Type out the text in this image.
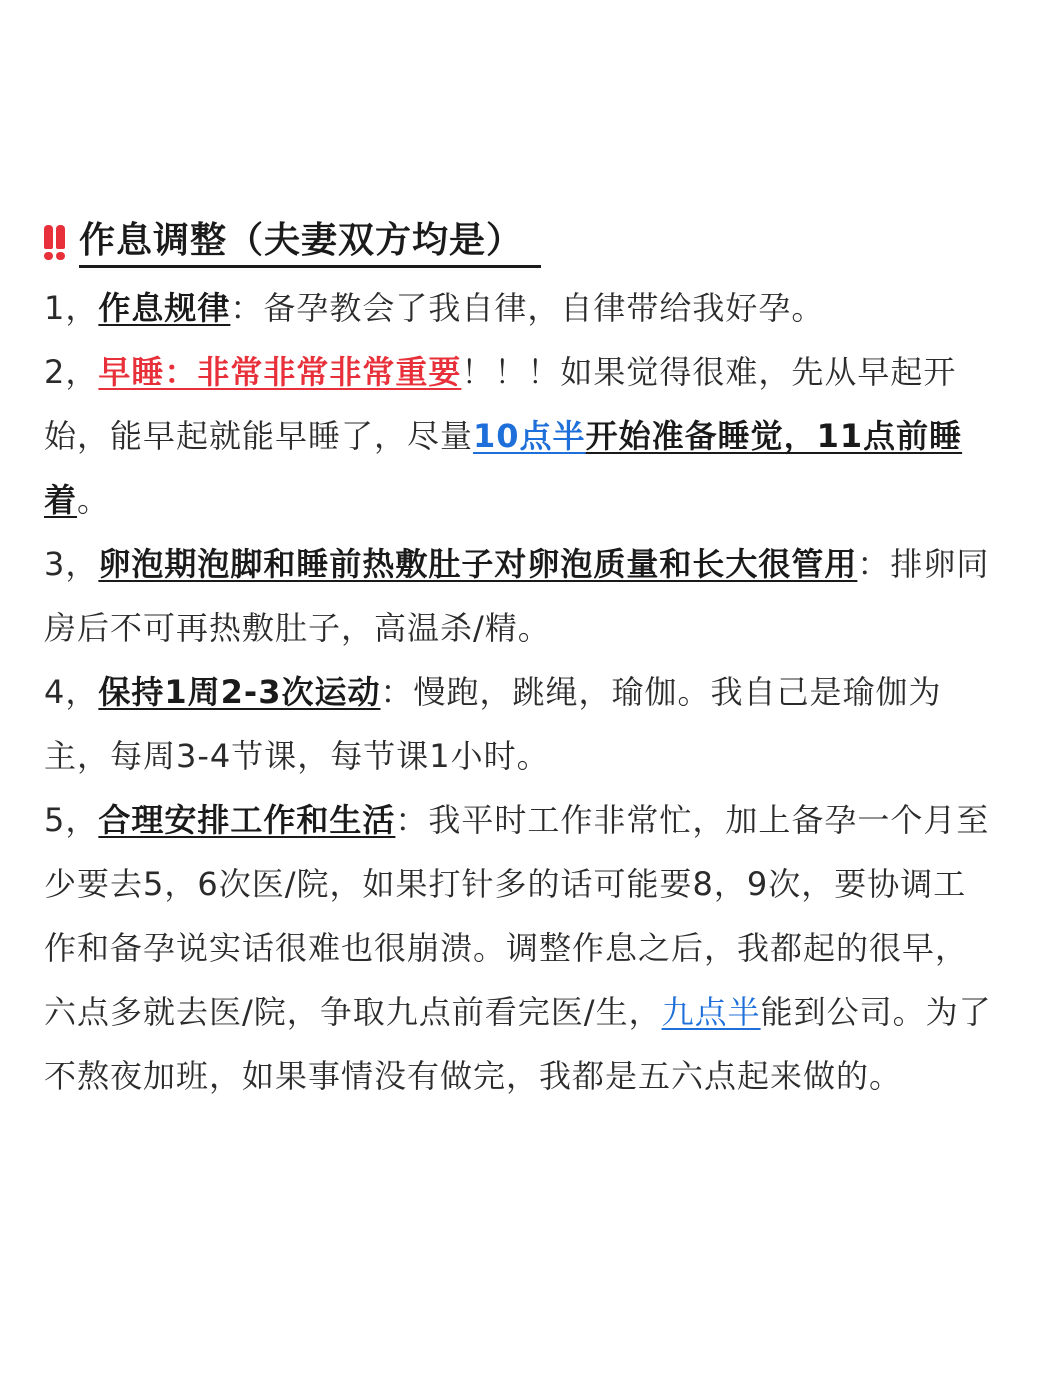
作息调整（夫妻双方均是）

1，作息规律：备孕教会了我自律，自律带给我好孕。

2，早睡：非常非常非常重要！！！如果觉得很难，先从早起开始，能早起就能早睡了，尽量10点半开始准备睡觉，11点前睡着。

3，卵泡期泡脚和睡前热敷肚子对卵泡质量和长大很管用：排卵同房后不可再热敷肚子，高温杀/精。

4，保持1周2-3次运动：慢跑，跳绳，瑜伽。我自己是瑜伽为主，每周3-4节课，每节课1小时。

5，合理安排工作和生活：我平时工作非常忙，加上备孕一个月至少要去5，6次医/院，如果打针多的话可能要8，9次，要协调工作和备孕说实话很难也很崩溃。调整作息之后，我都起的很早，六点多就去医/院，争取九点前看完医/生，九点半能到公司。为了不熬夜加班，如果事情没有做完，我都是五六点起来做的。
